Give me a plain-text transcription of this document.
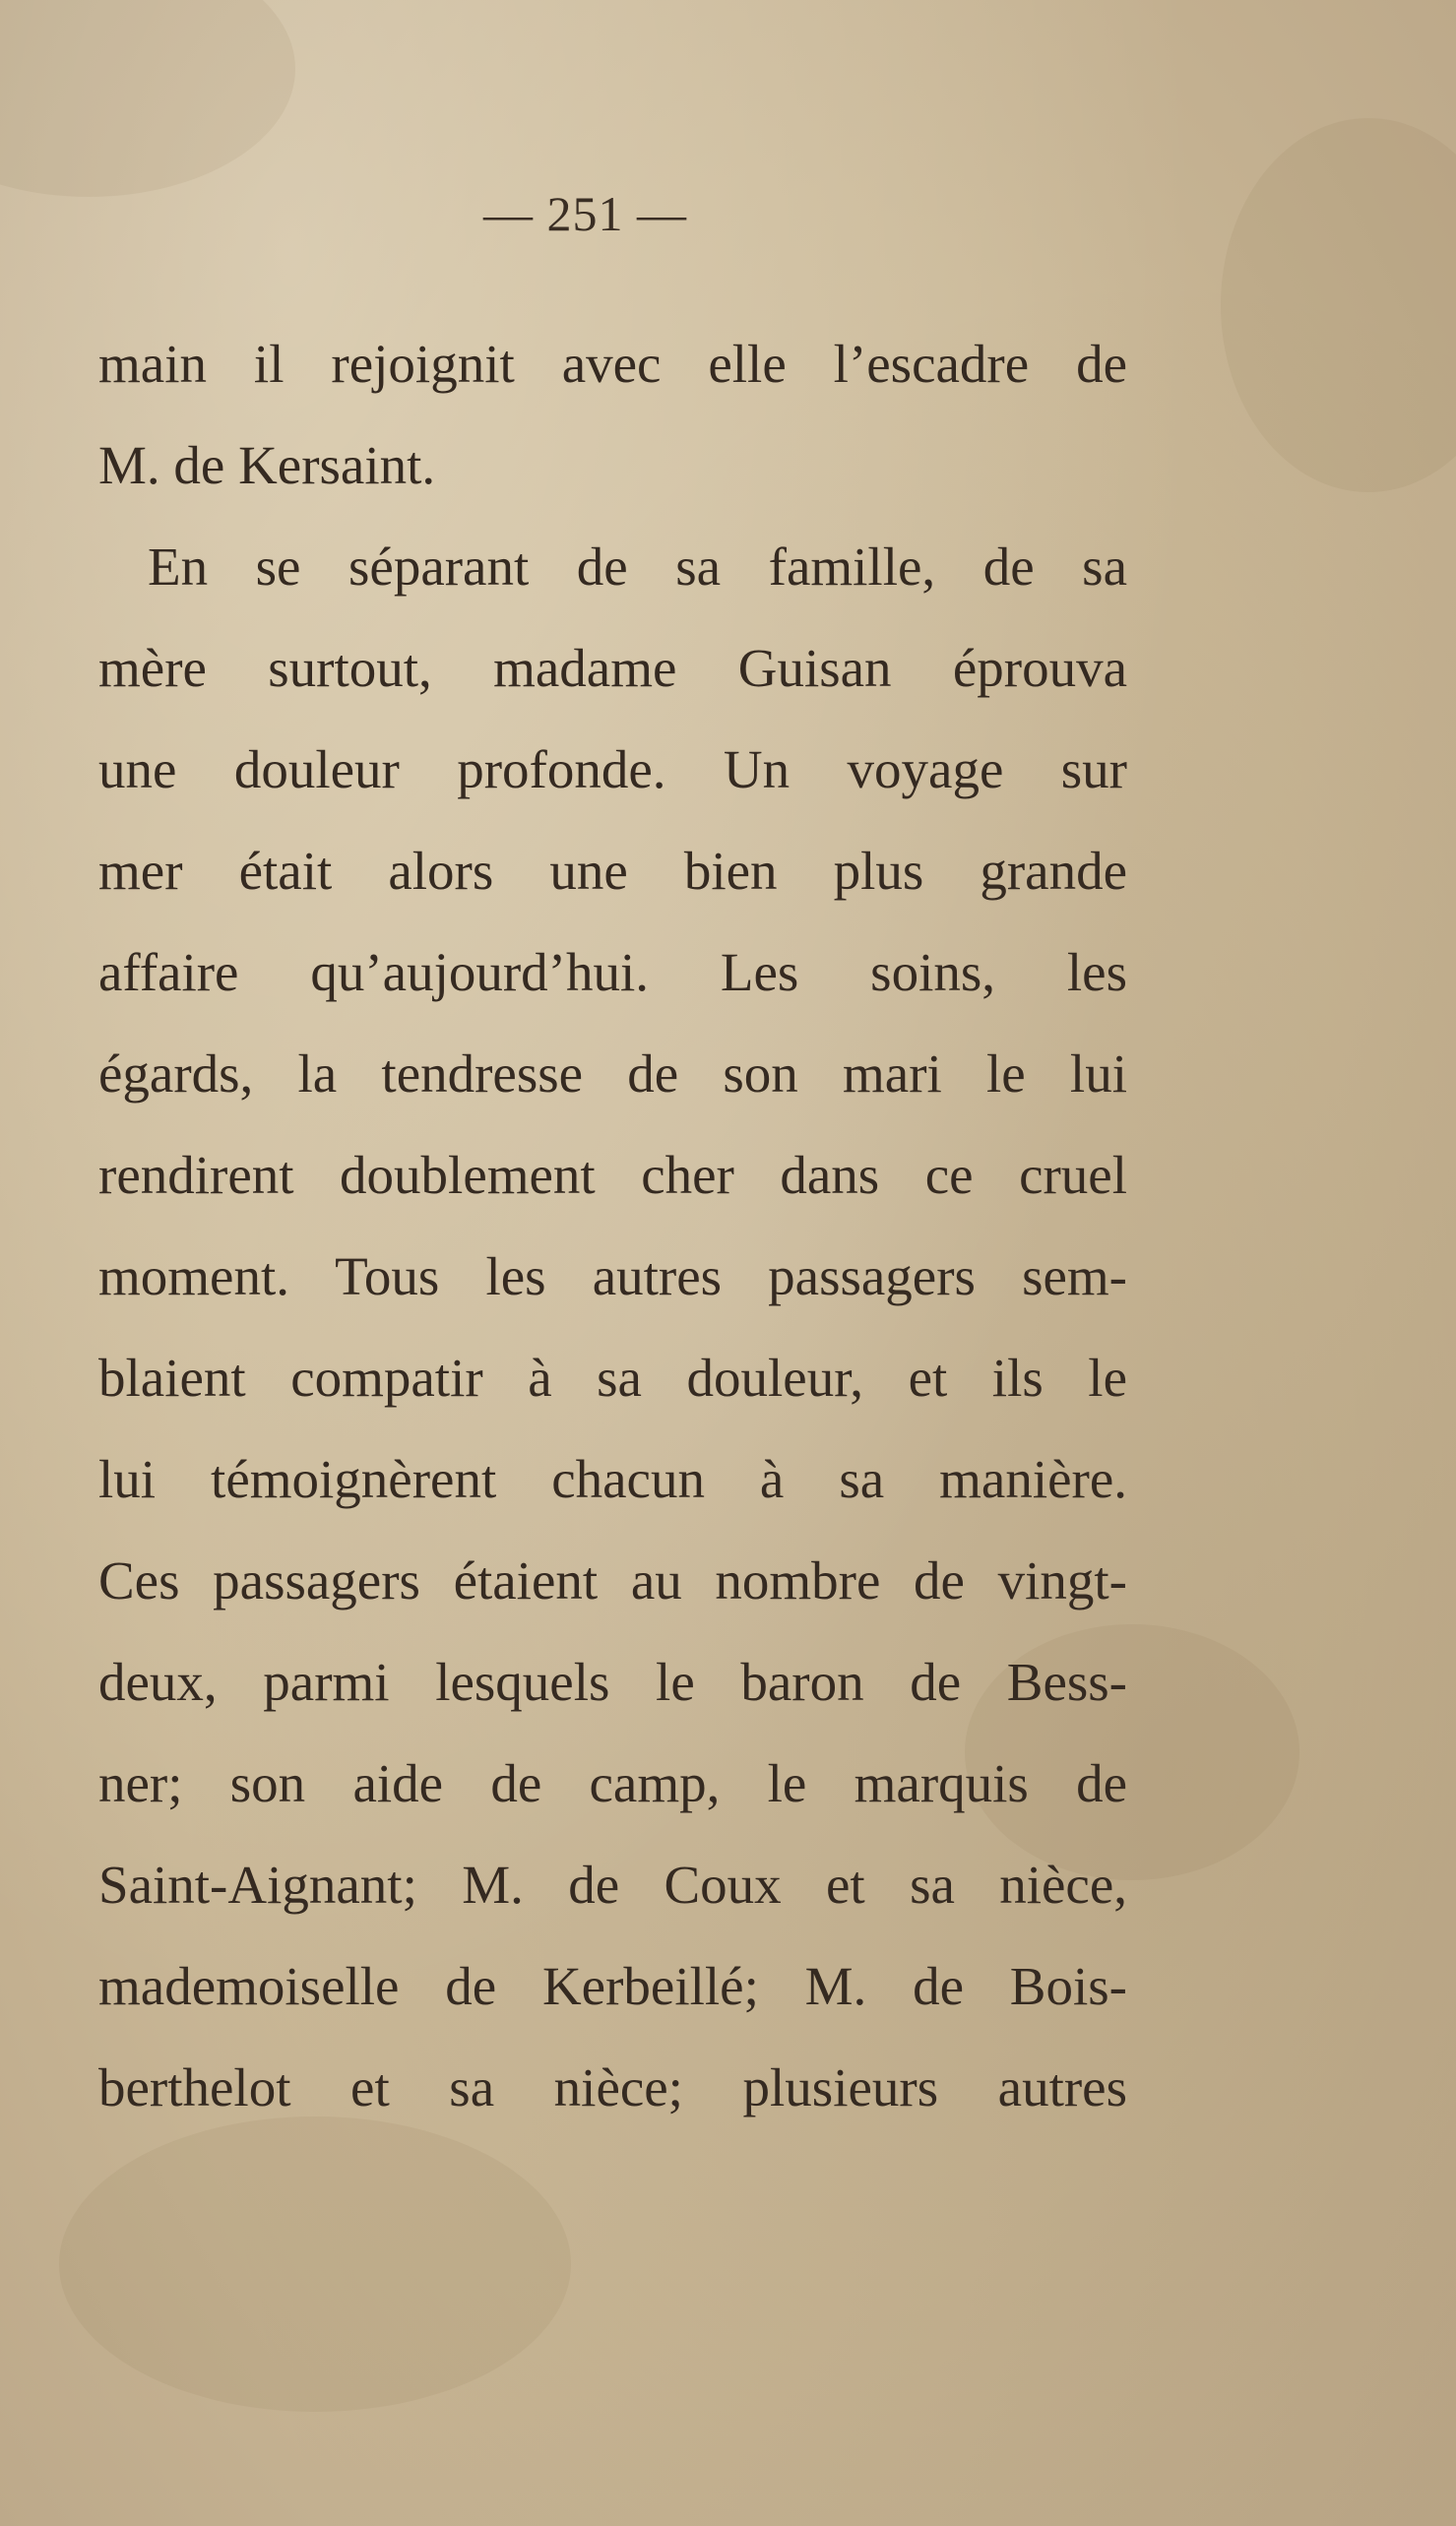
— 251 —
main il rejoignit avec elle l’escadre de
M. de Kersaint.
En se séparant de sa famille, de sa
mère surtout, madame Guisan éprouva
une douleur profonde. Un voyage sur
mer était alors une bien plus grande
affaire qu’aujourd’hui. Les soins, les
égards, la tendresse de son mari le lui
rendirent doublement cher dans ce cruel
moment. Tous les autres passagers sem-
blaient compatir à sa douleur, et ils le
lui témoignèrent chacun à sa manière.
Ces passagers étaient au nombre de vingt-
deux, parmi lesquels le baron de Bess-
ner; son aide de camp, le marquis de
Saint-Aignant; M. de Coux et sa nièce,
mademoiselle de Kerbeillé; M. de Bois-
berthelot et sa nièce; plusieurs autres
